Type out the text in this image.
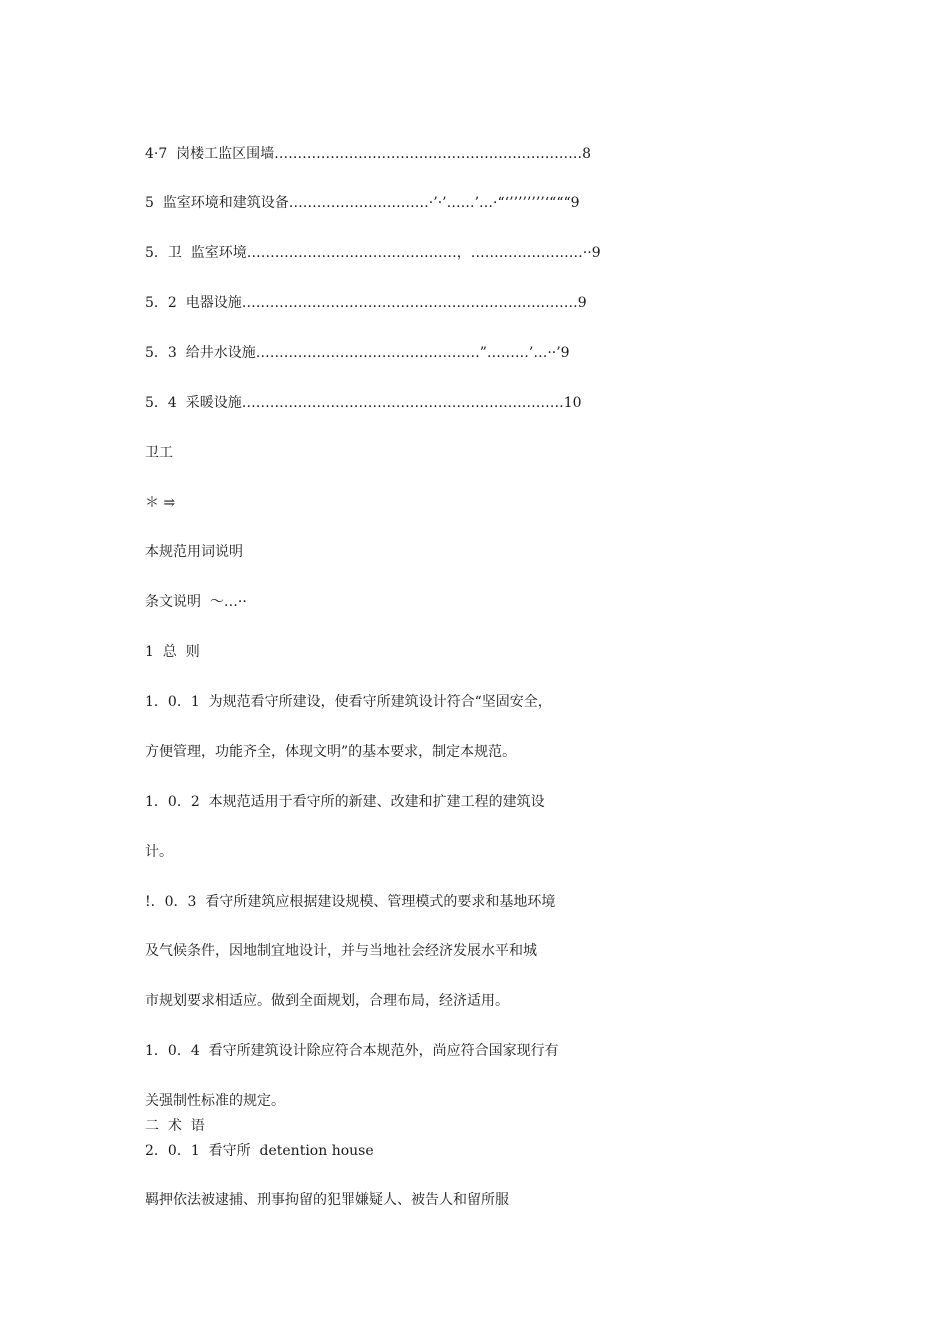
4·7  岗楼工监区围墙…………………………………………………………8
5  监室环境和建筑设备…………………………·’·’……’…·“‘’’’’’’’’‘“““9
5．卫  监室环境………………………………………，……………………··9
5．2  电器设施………………………………………………………………9
5．3  给井水设施…………………………………………”………’…··’9
5．4  采暖设施……………………………………………………………10
卫工
＊ ⥤
本规范用词说明
条文说明  ～…··
1  总  则
1．0．1  为规范看守所建设，使看守所建筑设计符合“坚固安全，
方便管理，功能齐全，体现文明”的基本要求，制定本规范。
1．0．2  本规范适用于看守所的新建、改建和扩建工程的建筑设
计。
!．0．3  看守所建筑应根据建设规模、管理模式的要求和基地环境
及气候条件，因地制宜地设计，并与当地社会经济发展水平和城
市规划要求相适应。做到全面规划，合理布局，经济适用。
1．0．4  看守所建筑设计除应符合本规范外，尚应符合国家现行有
关强制性标准的规定。
二  术  语
2．0．1  看守所  detention house
羁押依法被逮捕、刑事拘留的犯罪嫌疑人、被告人和留所服
